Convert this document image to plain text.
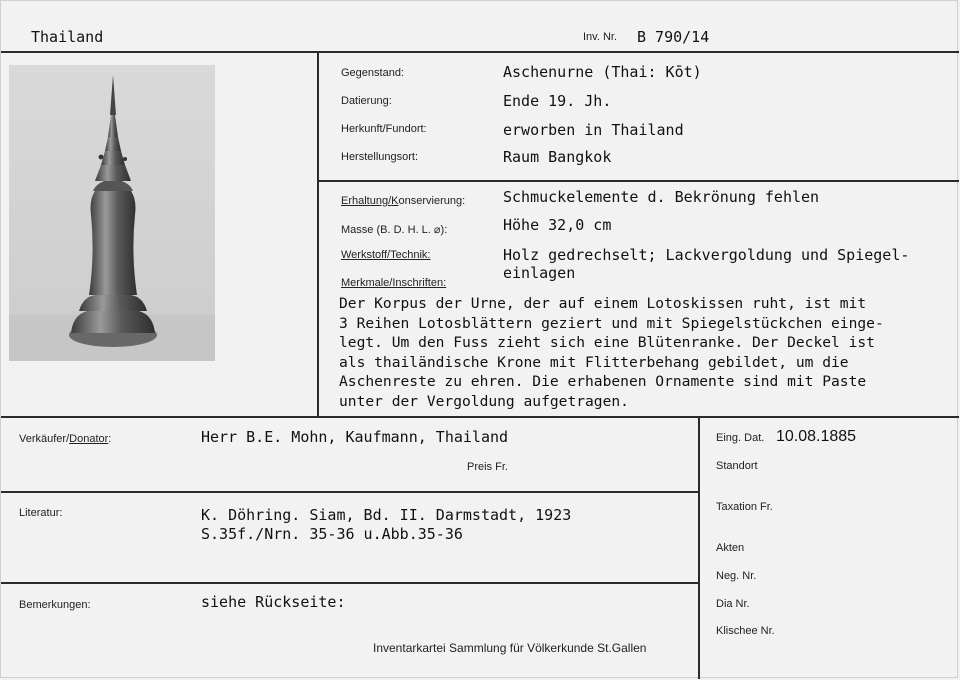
Thailand	Inv. Nr. B 790/14
Gegenstand:	Aschenurne (Thai: Kōt)
Datierung:	Ende 19. Jh.
Herkunft/Fundort:	erworben in Thailand
Herstellungsort:	Raum Bangkok
Erhaltung/Konservierung:	Schmuckelemente d. Bekrönung fehlen
Masse (B. D. H. L. ⌀):	Höhe 32,0 cm
Werkstoff/Technik:	Holz gedrechselt; Lackvergoldung und Spiegel-
einlagen
Merkmale/Inschriften:
Der Korpus der Urne, der auf einem Lotoskissen ruht, ist mit
3 Reihen Lotosblättern geziert und mit Spiegelstückchen einge-
legt. Um den Fuss zieht sich eine Blütenranke. Der Deckel ist
als thailändische Krone mit Flitterbehang gebildet, um die
Aschenreste zu ehren. Die erhabenen Ornamente sind mit Paste
unter der Vergoldung aufgetragen.
Verkäufer/Donator:	Herr B.E. Mohn, Kaufmann, Thailand
Preis Fr.
Literatur:	K. Döhring. Siam, Bd. II. Darmstadt, 1923
S.35f./Nrn. 35-36 u.Abb.35-36
Bemerkungen:	siehe Rückseite:
Eing. Dat. 10.08.1885
Standort
Taxation Fr.
Akten
Neg. Nr.
Dia Nr.
Klischee Nr.
Inventarkartei Sammlung für Völkerkunde St.Gallen
